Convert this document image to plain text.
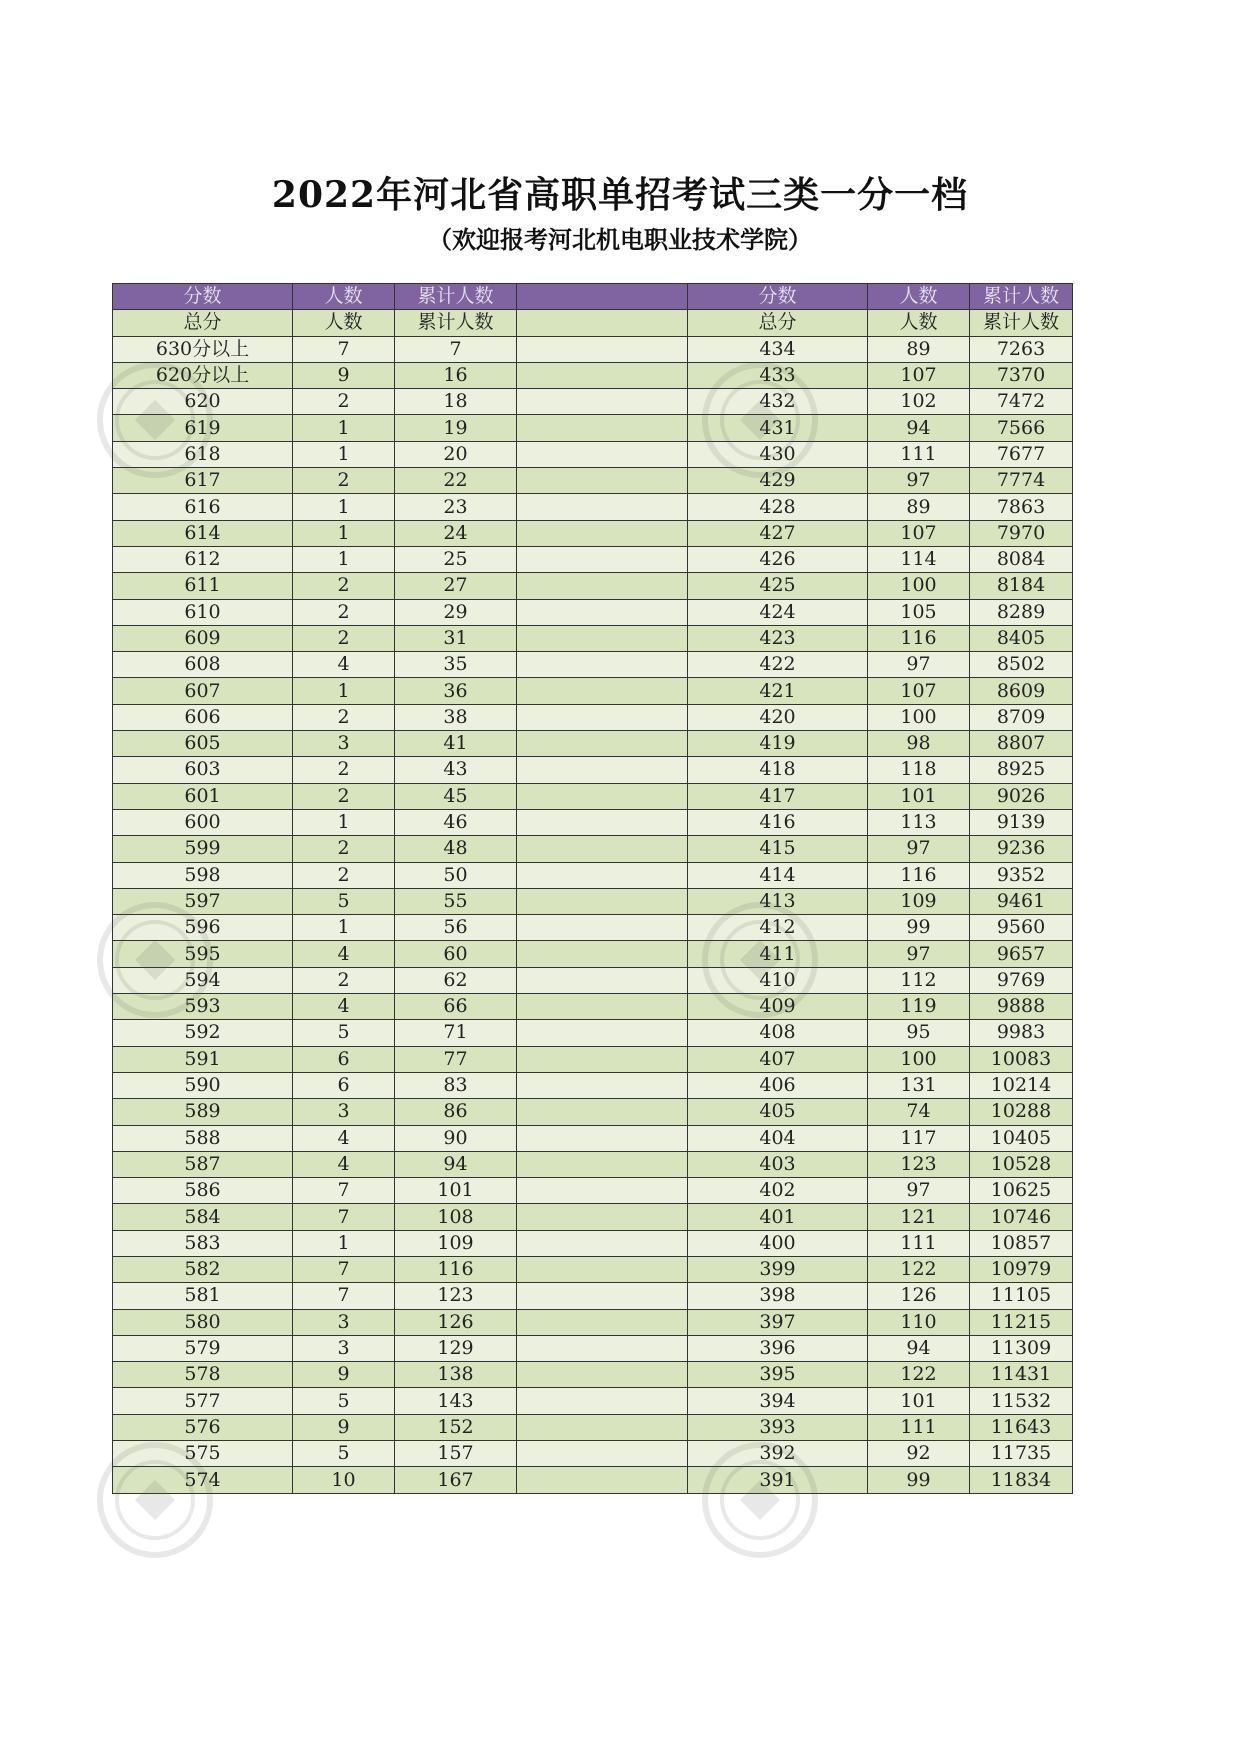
2022年河北省高职单招考试三类一分一档
（欢迎报考河北机电职业技术学院）
分数	人数	累计人数		分数	人数	累计人数
总分	人数	累计人数		总分	人数	累计人数
630分以上	7	7		434	89	7263
620分以上	9	16		433	107	7370
620	2	18		432	102	7472
619	1	19		431	94	7566
618	1	20		430	111	7677
617	2	22		429	97	7774
616	1	23		428	89	7863
614	1	24		427	107	7970
612	1	25		426	114	8084
611	2	27		425	100	8184
610	2	29		424	105	8289
609	2	31		423	116	8405
608	4	35		422	97	8502
607	1	36		421	107	8609
606	2	38		420	100	8709
605	3	41		419	98	8807
603	2	43		418	118	8925
601	2	45		417	101	9026
600	1	46		416	113	9139
599	2	48		415	97	9236
598	2	50		414	116	9352
597	5	55		413	109	9461
596	1	56		412	99	9560
595	4	60		411	97	9657
594	2	62		410	112	9769
593	4	66		409	119	9888
592	5	71		408	95	9983
591	6	77		407	100	10083
590	6	83		406	131	10214
589	3	86		405	74	10288
588	4	90		404	117	10405
587	4	94		403	123	10528
586	7	101		402	97	10625
584	7	108		401	121	10746
583	1	109		400	111	10857
582	7	116		399	122	10979
581	7	123		398	126	11105
580	3	126		397	110	11215
579	3	129		396	94	11309
578	9	138		395	122	11431
577	5	143		394	101	11532
576	9	152		393	111	11643
575	5	157		392	92	11735
574	10	167		391	99	11834
